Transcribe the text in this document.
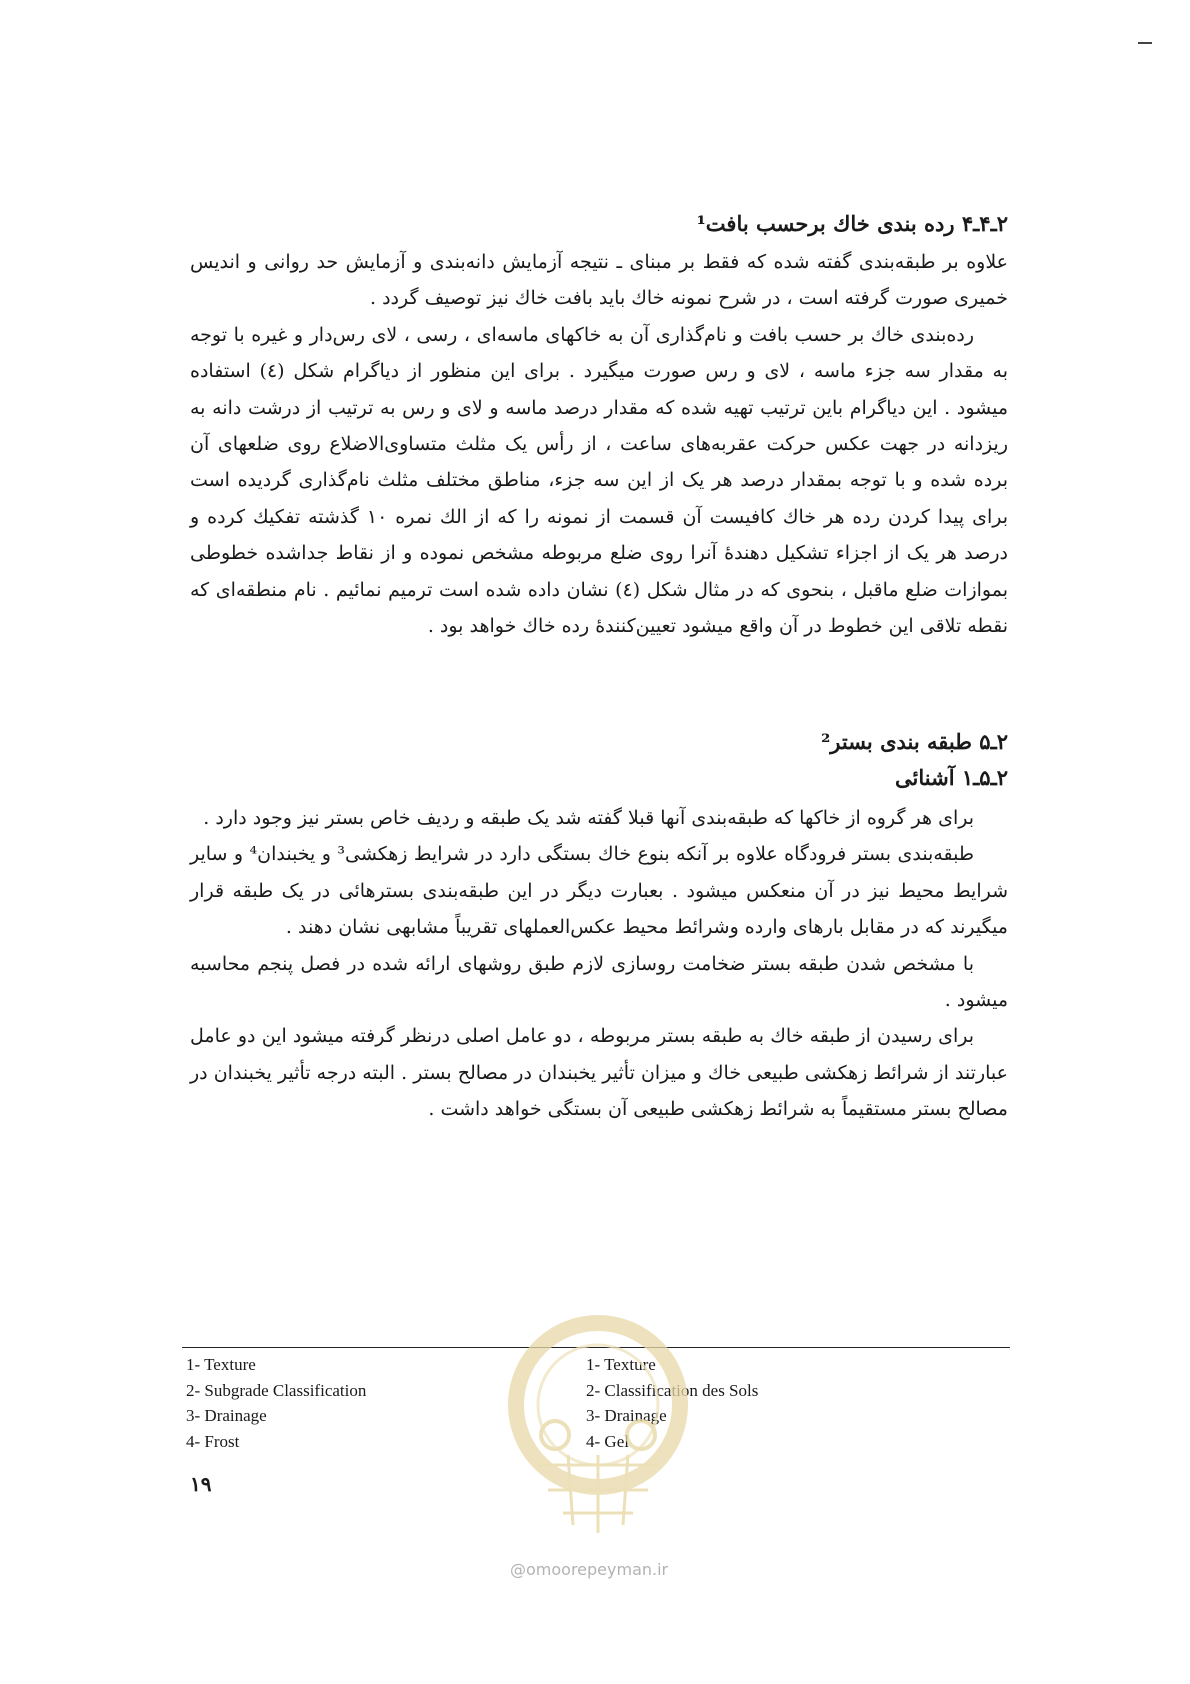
۲ـ۴ـ۴ رده بندی خاك برحسب بافت¹

علاوه بر طبقه‌بندی گفته شده که فقط بر مبنای ـ نتیجه آزمایش دانه‌بندی و آزمایش حد روانی و اندیس خمیری صورت گرفته است ، در شرح نمونه خاك باید بافت خاك نیز توصیف گردد .

رده‌بندی خاك بر حسب بافت و نام‌گذاری آن به خاکهای ماسه‌ای ، رسی ، لای رس‌دار و غیره با توجه به مقدار سه جزء ماسه ، لای و رس صورت میگیرد . برای این منظور از دیاگرام شکل (٤) استفاده میشود . این دیاگرام باین ترتیب تهیه شده که مقدار درصد ماسه و لای و رس به ترتیب از درشت دانه به ریزدانه در جهت عکس حرکت عقربه‌های ساعت ، از رأس یک مثلث متساوی‌الاضلاع روی ضلعهای آن برده شده و با توجه بمقدار درصد هر یک از این سه جزء، مناطق مختلف مثلث نام‌گذاری گردیده است برای پیدا کردن رده هر خاك کافیست آن قسمت از نمونه را که از الك نمره ۱۰ گذشته تفکیك کرده و درصد هر یک از اجزاء تشکیل دهندهٔ آنرا روی ضلع مربوطه مشخص نموده و از نقاط جداشده خطوطی بموازات ضلع ماقبل ، بنحوی که در مثال شکل (٤) نشان داده شده است ترمیم نمائیم . نام منطقه‌ای که نقطه تلاقی این خطوط در آن واقع میشود تعیین‌کنندهٔ رده خاك خواهد بود .

۲ـ۵ طبقه بندی بستر²
۲ـ۵ـ۱ آشنائی

برای هر گروه از خاکها که طبقه‌بندی آنها قبلا گفته شد یک طبقه و ردیف خاص بستر نیز وجود دارد .

طبقه‌بندی بستر فرودگاه علاوه بر آنکه بنوع خاك بستگی دارد در شرایط زهکشی³ و یخبندان⁴ و سایر شرایط محیط نیز در آن منعکس میشود . بعبارت دیگر در این طبقه‌بندی بسترهائی در یک طبقه قرار میگیرند که در مقابل بارهای وارده وشرائط محیط عکس‌العملهای تقریباً مشابهی نشان دهند .

با مشخص شدن طبقه بستر ضخامت روسازی لازم طبق روشهای ارائه شده در فصل پنجم محاسبه میشود .

برای رسیدن از طبقه خاك به طبقه بستر مربوطه ، دو عامل اصلی درنظر گرفته میشود این دو عامل عبارتند از شرائط زهکشی طبیعی خاك و میزان تأثیر یخبندان در مصالح بستر . البته درجه تأثیر یخبندان در مصالح بستر مستقیماً به شرائط زهکشی طبیعی آن بستگی خواهد داشت .

1- Texture
2- Subgrade Classification
3- Drainage
4- Frost
1- Texture
2- Classification des Sols
3- Drainage
4- Gel
۱۹
@omoorepeyman.ir
